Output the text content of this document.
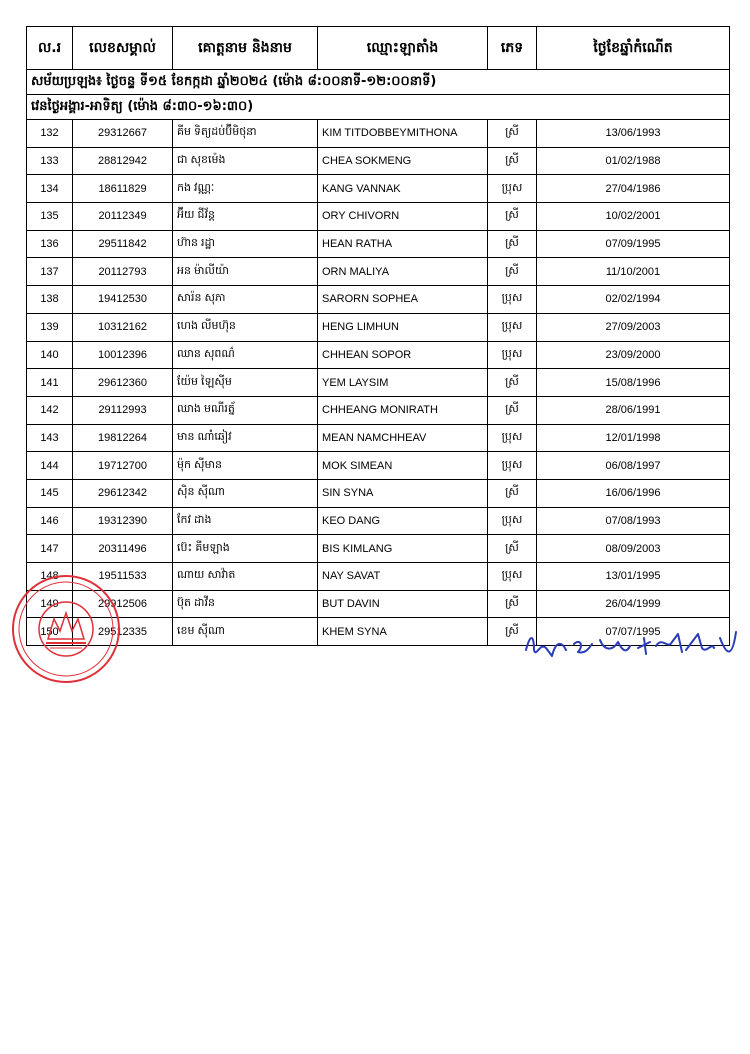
ល.រ	លេខសម្គាល់	គោត្តនាម និងនាម	ឈ្មោះឡាតាំង	ភេទ	ថ្ងៃខែឆ្នាំកំណើត
សម័យប្រឡង៖ ថ្ងៃចន្ទ ទី១៥ ខែកក្កដា ឆ្នាំ២០២៤ (ម៉ោង ៨:០០នាទី-១២:០០នាទី)					
វេនថ្ងៃអង្គារ-អាទិត្យ (ម៉ោង ៨:៣០-១៦:៣០)					
132	29312667	គីម ទិត្យដប់ប៊ីមិថុនា	KIM TITDOBBEYMITHONA	ស្រី	13/06/1993
133	28812942	ជា សុខម៉េង	CHEA SOKMENG	ស្រី	01/02/1988
134	18611829	កង វណ្ណៈ	KANG VANNAK	ប្រុស	27/04/1986
135	20112349	អ៊ីយ ជីវ័ន្ត	ORY CHIVORN	ស្រី	10/02/2001
136	29511842	ហ៊ាន រដ្ឋា	HEAN RATHA	ស្រី	07/09/1995
137	20112793	អន ម៉ាលីយ៉ា	ORN MALIYA	ស្រី	11/10/2001
138	19412530	សារ៉ន សុភា	SARORN SOPHEA	ប្រុស	02/02/1994
139	10312162	ហេង លីមហ៊ុន	HENG LIMHUN	ប្រុស	27/09/2003
140	10012396	ឈាន សុពណ៌	CHHEAN SOPOR	ប្រុស	23/09/2000
141	29612360	យ៉ែម ឡៃស៊ីម	YEM LAYSIM	ស្រី	15/08/1996
142	29112993	ឈាង មណីរត្ន័	CHHEANG MONIRATH	ស្រី	28/06/1991
143	19812264	មាន ណាំឆៀវ	MEAN NAMCHHEAV	ប្រុស	12/01/1998
144	19712700	ម៉ុក ស៊ីមាន	MOK SIMEAN	ប្រុស	06/08/1997
145	29612342	ស៊ិន ស៊ីណា	SIN SYNA	ស្រី	16/06/1996
146	19312390	កែវ ដាង	KEO DANG	ប្រុស	07/08/1993
147	20311496	ប៊េះ គីមឡាង	BIS KIMLANG	ស្រី	08/09/2003
148	19511533	ណាយ សាវ៉ាត	NAY SAVAT	ប្រុស	13/01/1995
149	29912506	ប៊ុត ដាវីន	BUT DAVIN	ស្រី	26/04/1999
150	29512335	ខេម ស៊ីណា	KHEM SYNA	ស្រី	07/07/1995
